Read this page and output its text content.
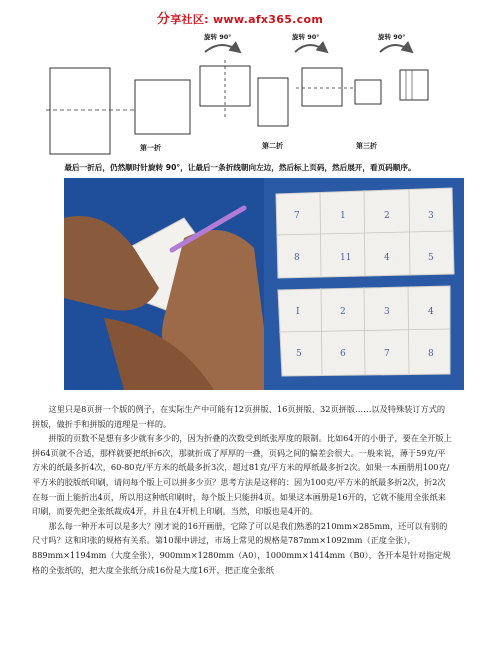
分享社区: www.afx365.com
第一折
旋转 90°
第二折
旋转 90°
第三折
旋转 90°
最后一折后，仍然顺时针旋转 90°，让最后一条折线朝向左边，然后标上页码，然后展开，看页码顺序。
7	1	2	3
8	11	4	5
I	2	3	4
5	6	7	8

这里只是8页拼一个版的例子，在实际生产中可能有12页拼版、16页拼版、32页拼版……以及特殊装订方式的拼版，做折手和拼版的道理是一样的。

拼版的页数不是想有多少就有多少的，因为折叠的次数受到纸张厚度的限制。比如64开的小册子，要在全开版上拼64页就不合适，那样就要把纸折6次，那就折成了厚厚的一叠，页码之间的偏差会很大。一般来说，薄于59克/平方米的纸最多折4次，60-80克/平方米的纸最多折3次，超过81克/平方米的厚纸最多折2次。如果一本画册用100克/平方米的胶版纸印刷，请问每个版上可以拼多少页？思考方法是这样的：因为100克/平方米的纸最多折2次，折2次在每一面上能折出4页，所以用这种纸印刷时，每个版上只能拼4页。如果这本画册是16开的，它就不能用全张纸来印刷，而要先把全张纸裁成4开，并且在4开机上印刷。当然，印版也是4开的。

那么每一种开本可以是多大？刚才说的16开画册，它除了可以是我们熟悉的210mm×285mm，还可以有别的尺寸吗？这和印张的规格有关系。第10课中讲过，市场上常见的规格是787mm×1092mm（正度全张），889mm×1194mm（大度全张），900mm×1280mm（A0），1000mm×1414mm（B0），各开本是针对指定规格的全张纸的，把大度全张纸分成16份是大度16开，把正度全张纸
